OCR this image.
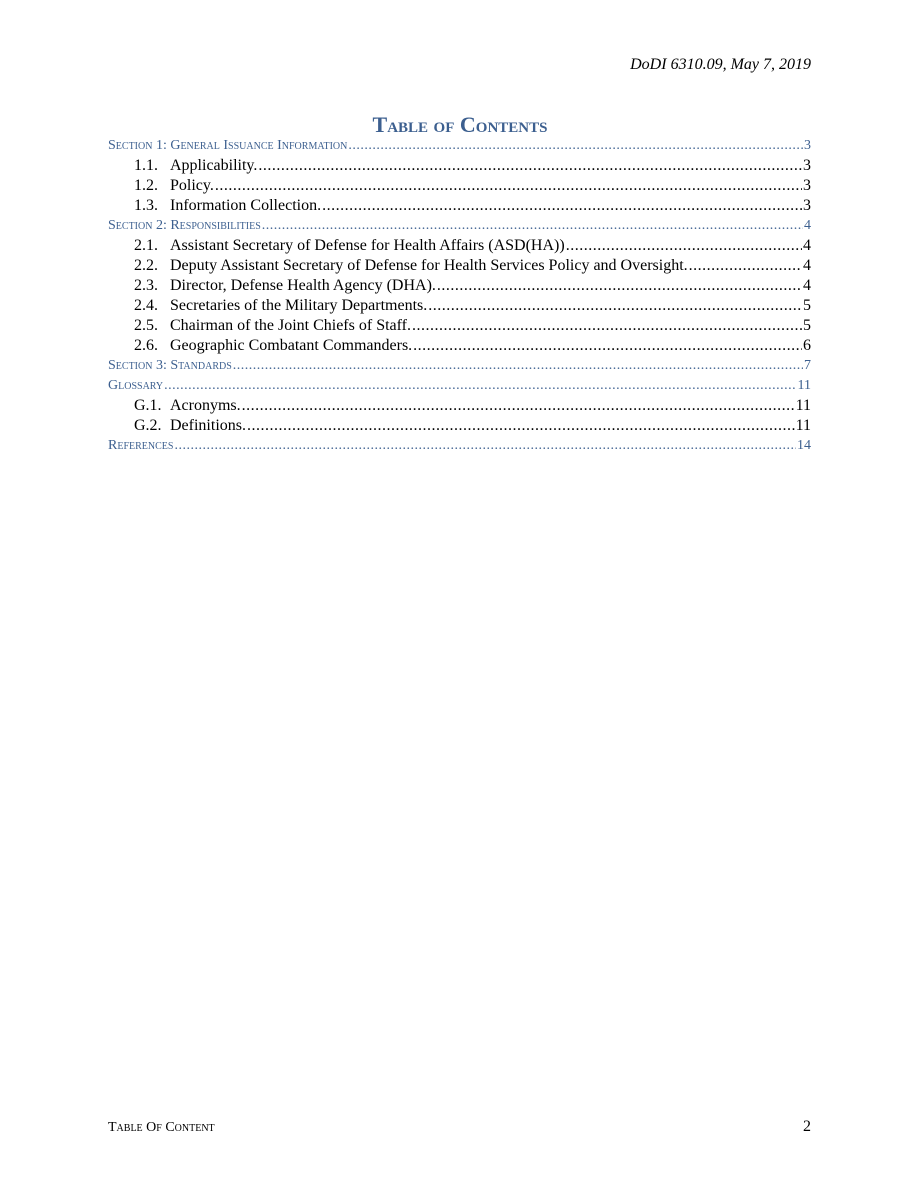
DoDI 6310.09, May 7, 2019
Table of Contents
Section 1: General Issuance Information .....	3
1.1. Applicability. .....	3
1.2. Policy. .....	3
1.3. Information Collection. .....	3
Section 2: Responsibilities .....	4
2.1. Assistant Secretary of Defense for Health Affairs (ASD(HA)) .....	4
2.2. Deputy Assistant Secretary of Defense for Health Services Policy and Oversight. .....	4
2.3. Director, Defense Health Agency (DHA). .....	4
2.4. Secretaries of the Military Departments. .....	5
2.5. Chairman of the Joint Chiefs of Staff. .....	5
2.6. Geographic Combatant Commanders. .....	6
Section 3: Standards .....	7
Glossary .....	11
G.1. Acronyms. .....	11
G.2. Definitions. .....	11
References .....	14
Table Of Content	2
